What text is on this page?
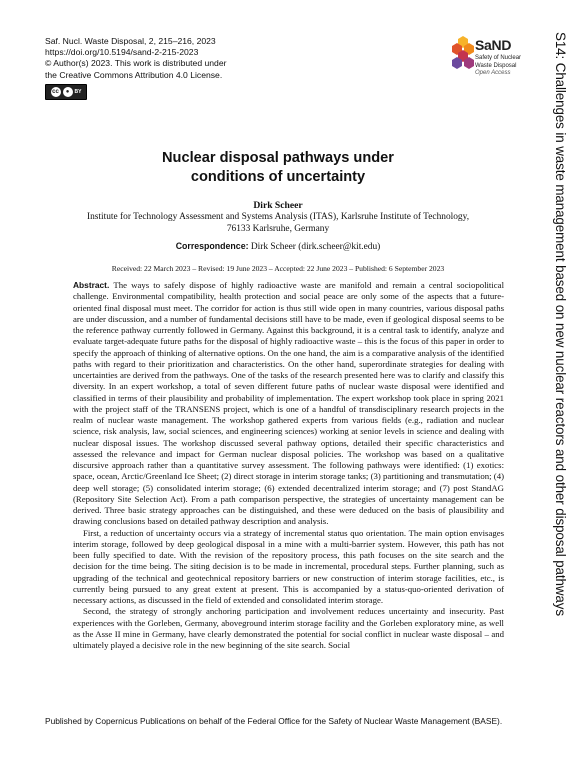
Saf. Nucl. Waste Disposal, 2, 215–216, 2023
https://doi.org/10.5194/sand-2-215-2023
© Author(s) 2023. This work is distributed under
the Creative Commons Attribution 4.0 License.
cc	●	BY
SaND
Safety of Nuclear
Waste Disposal
Open Access	S14: Challenges in waste management based on new nuclear reactors and other disposal pathways
Nuclear disposal pathways under
conditions of uncertainty
Dirk Scheer
Institute for Technology Assessment and Systems Analysis (ITAS), Karlsruhe Institute of Technology, 76133 Karlsruhe, Germany
Correspondence: Dirk Scheer (dirk.scheer@kit.edu)
Received: 22 March 2023 – Revised: 19 June 2023 – Accepted: 22 June 2023 – Published: 6 September 2023

Abstract. The ways to safely dispose of highly radioactive waste are manifold and remain a central sociopolitical challenge. Environmental compatibility, health protection and social peace are only some of the aspects that a future-oriented final disposal must meet. The corridor for action is thus still wide open in many countries, various disposal paths are under discussion, and a number of fundamental decisions still have to be made, even if geological disposal seems to be the reference pathway currently followed in Germany. Against this background, it is a central task to identify, analyze and evaluate target-adequate future paths for the disposal of highly radioactive waste – this is the focus of this paper in order to specify the approach of thinking of alternative options. On the one hand, the aim is a comparative analysis of the identified paths with regard to their prioritization and characteristics. On the other hand, superordinate strategies for dealing with uncertainties are derived from the pathways. One of the tasks of the research presented here was to clarify and classify this diversity. In an expert workshop, a total of seven different future paths of nuclear waste disposal were identified and classified in terms of their plausibility and probability of implementation. The expert workshop took place in spring 2021 with the project staff of the TRANSENS project, which is one of a handful of transdisciplinary research projects in the realm of nuclear waste management. The workshop gathered experts from various fields (e.g., radiation and nuclear science, risk analysis, law, social sciences, and engineering sciences) working at senior levels in science and dealing with nuclear disposal issues. The workshop discussed several pathway options, detailed their specific characteristics and assessed the relevance and impact for German nuclear disposal policies. The workshop was based on a qualitative discursive approach rather than a quantitative survey assessment. The following pathways were identified: (1) exotics: space, ocean, Arctic/Greenland Ice Sheet; (2) direct storage in interim storage tanks; (3) partitioning and transmutation; (4) deep well storage; (5) consolidated interim storage; (6) extended decentralized interim storage; and (7) post StandAG (Repository Site Selection Act). From a path comparison perspective, the strategies of uncertainty management can be derived. Three basic strategy approaches can be distinguished, and these were deduced on the basis of plausibility and drawing conclusions based on detailed pathway description and analysis.

First, a reduction of uncertainty occurs via a strategy of incremental status quo orientation. The main option envisages interim storage, followed by deep geological disposal in a mine with a multi-barrier system. However, this path has not been fully specified to date. With the revision of the repository process, this path focuses on the site search and the decision for the time being. The siting decision is to be made in incremental, procedural steps. Further planning, such as upgrading of the technical and geotechnical repository barriers or new construction of interim storage facilities, etc., is currently being pursued to any great extent at present. This is accompanied by a status-quo-oriented derivation of necessary actions, as discussed in the field of extended and consolidated interim storage.

Second, the strategy of strongly anchoring participation and involvement reduces uncertainty and insecurity. Past experiences with the Gorleben, Germany, aboveground interim storage facility and the Gorleben exploratory mine, as well as the Asse II mine in Germany, have clearly demonstrated the potential for social conflict in nuclear waste disposal – and ultimately played a decisive role in the new beginning of the site search. Social

Published by Copernicus Publications on behalf of the Federal Office for the Safety of Nuclear Waste Management (BASE).
